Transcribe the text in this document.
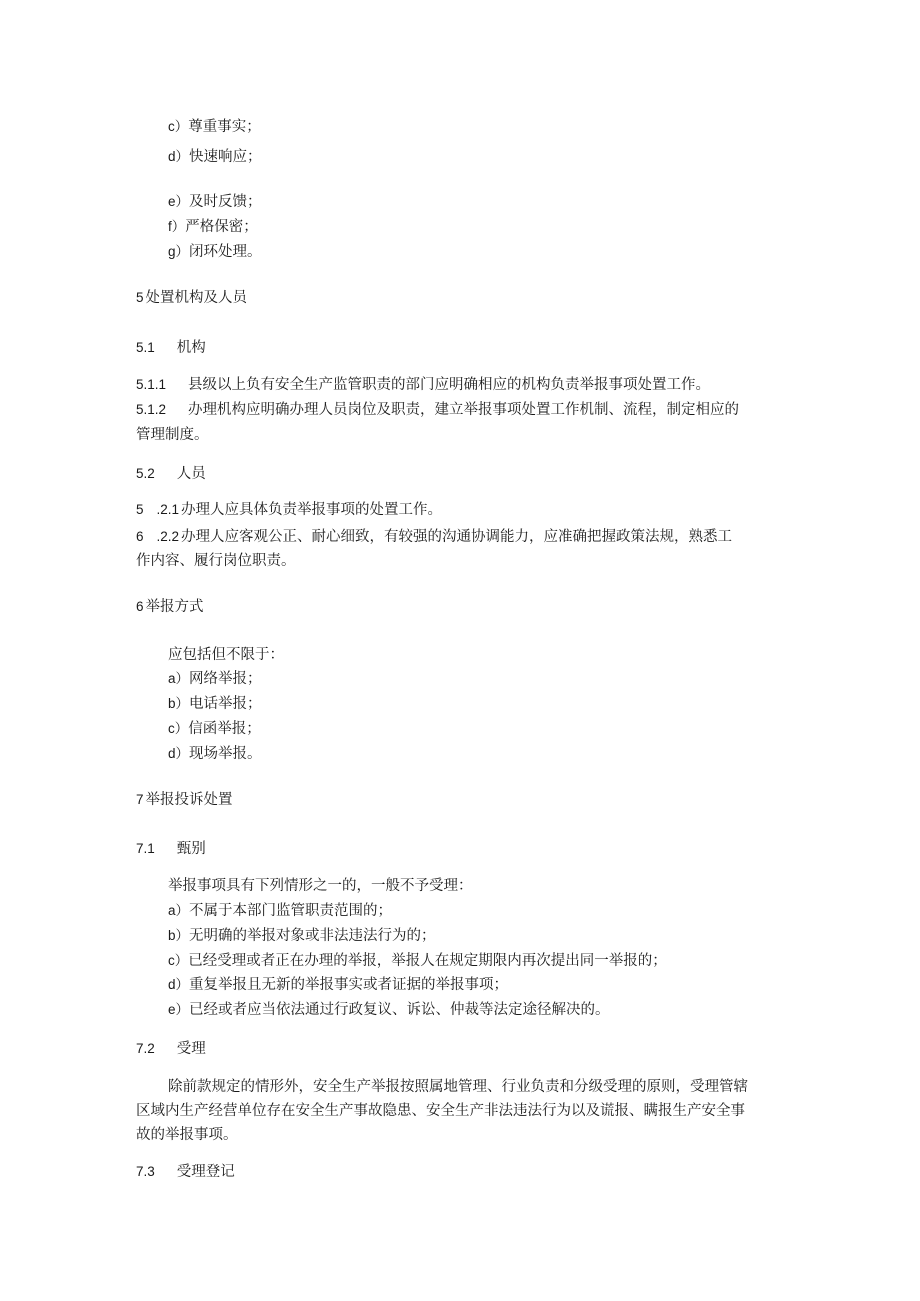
c）尊重事实；
d）快速响应；
e）及时反馈；
f）严格保密；
g）闭环处理。
5 处置机构及人员
5.1 机构
5.1.1 县级以上负有安全生产监管职责的部门应明确相应的机构负责举报事项处置工作。
5.1.2 办理机构应明确办理人员岗位及职责，建立举报事项处置工作机制、流程，制定相应的
管理制度。
5.2 人员
5 .2.1 办理人应具体负责举报事项的处置工作。
6 .2.2 办理人应客观公正、耐心细致，有较强的沟通协调能力，应准确把握政策法规，熟悉工
作内容、履行岗位职责。
6 举报方式
应包括但不限于：
a）网络举报；
b）电话举报；
c）信函举报；
d）现场举报。
7 举报投诉处置
7.1 甄别
举报事项具有下列情形之一的，一般不予受理：
a）不属于本部门监管职责范围的；
b）无明确的举报对象或非法违法行为的；
c）已经受理或者正在办理的举报，举报人在规定期限内再次提出同一举报的；
d）重复举报且无新的举报事实或者证据的举报事项；
e）已经或者应当依法通过行政复议、诉讼、仲裁等法定途径解决的。
7.2 受理
除前款规定的情形外，安全生产举报按照属地管理、行业负责和分级受理的原则，受理管辖
区域内生产经营单位存在安全生产事故隐患、安全生产非法违法行为以及谎报、瞒报生产安全事
故的举报事项。
7.3 受理登记
